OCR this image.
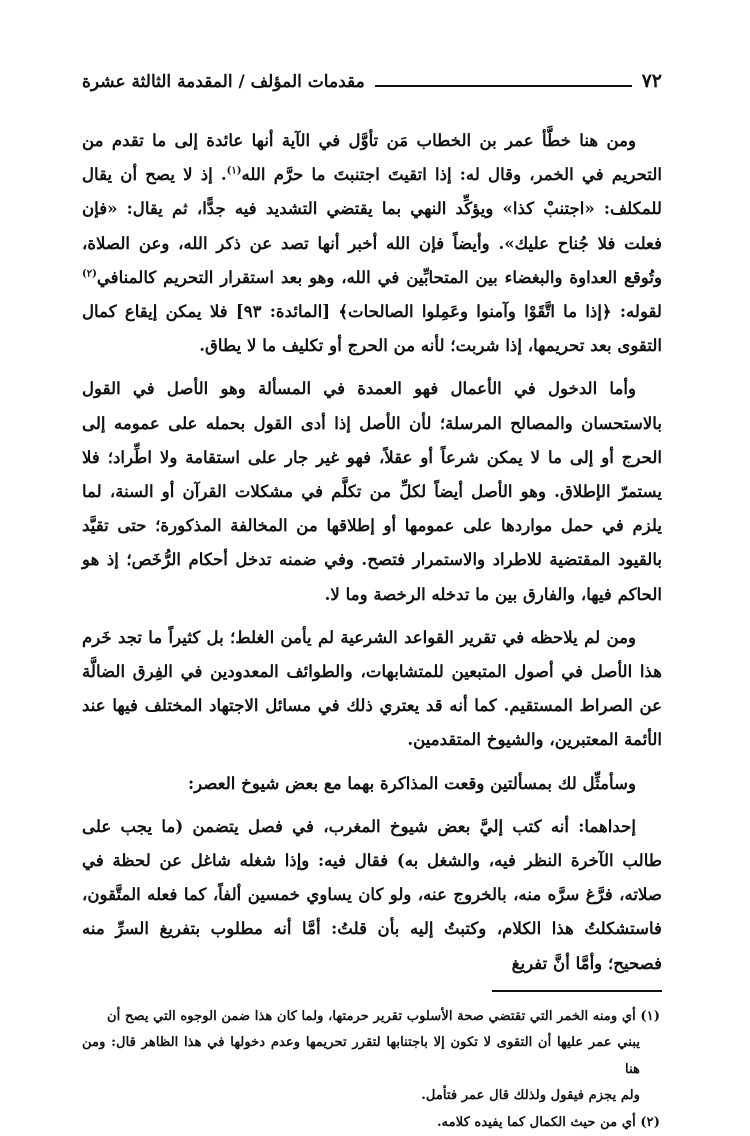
٧٢
مقدمات المؤلف / المقدمة الثالثة عشرة

ومن هنا خطَّأ عمر بن الخطاب مَن تأوَّل في الآية أنها عائدة إلى ما تقدم من التحريم في الخمر، وقال له: إذا اتقيتَ اجتنبتَ ما حرَّم الله$^{(١)}$. إذ لا يصح أن يقال للمكلف: «اجتنبْ كذا» ويؤكِّد النهي بما يقتضي التشديد فيه جدًّا، ثم يقال: «فإن فعلت فلا جُناح عليك». وأيضاً فإن الله أخبر أنها تصد عن ذكر الله، وعن الصلاة، وتُوقع العداوة والبغضاء بين المتحابِّين في الله، وهو بعد استقرار التحريم كالمنافي$^{(٢)}$ لقوله: ﴿إذا ما اتَّقَوْا وآمنوا وعَمِلوا الصالحات﴾ [المائدة: ٩٣] فلا يمكن إيقاع كمال التقوى بعد تحريمها، إذا شربت؛ لأنه من الحرج أو تكليف ما لا يطاق.

وأما الدخول في الأعمال فهو العمدة في المسألة وهو الأصل في القول بالاستحسان والمصالح المرسلة؛ لأن الأصل إذا أدى القول بحمله على عمومه إلى الحرج أو إلى ما لا يمكن شرعاً أو عقلاً، فهو غير جار على استقامة ولا اطِّراد؛ فلا يستمرّ الإطلاق. وهو الأصل أيضاً لكلِّ من تكلَّم في مشكلات القرآن أو السنة، لما يلزم في حمل مواردها على عمومها أو إطلاقها من المخالفة المذكورة؛ حتى تقيَّد بالقيود المقتضية للاطراد والاستمرار فتصح. وفي ضمنه تدخل أحكام الرُّخَص؛ إذ هو الحاكم فيها، والفارق بين ما تدخله الرخصة وما لا.

ومن لم يلاحظه في تقرير القواعد الشرعية لم يأمن الغلط؛ بل كثيراً ما تجد خَرم هذا الأصل في أصول المتبعين للمتشابهات، والطوائف المعدودين في الفِرق الضالَّة عن الصراط المستقيم. كما أنه قد يعتري ذلك في مسائل الاجتهاد المختلف فيها عند الأئمة المعتبرين، والشيوخ المتقدمين.

وسأمثِّل لك بمسألتين وقعت المذاكرة بهما مع بعض شيوخ العصر:

إحداهما: أنه كتب إليَّ بعض شيوخ المغرب، في فصل يتضمن (ما يجب على طالب الآخرة النظر فيه، والشغل به) فقال فيه: وإذا شغله شاغل عن لحظة في صلاته، فرَّغ سرَّه منه، بالخروج عنه، ولو كان يساوي خمسين ألفاً، كما فعله المتَّقون، فاستشكلتُ هذا الكلام، وكتبتُ إليه بأن قلتُ: أمَّا أنه مطلوب بتفريغ السرِّ منه فصحيح؛ وأمَّا أنَّ تفريغ

(١) أي ومنه الخمر التي تقتضي صحة الأسلوب تقرير حرمتها، ولما كان هذا ضمن الوجوه التي يصح أن

يبني عمر عليها أن التقوى لا تكون إلا باجتنابها لتقرر تحريمها وعدم دخولها في هذا الظاهر قال: ومن هنا

ولم يجزم فيقول ولذلك قال عمر فتأمل.

(٢) أي من حيث الكمال كما يفيده كلامه.
